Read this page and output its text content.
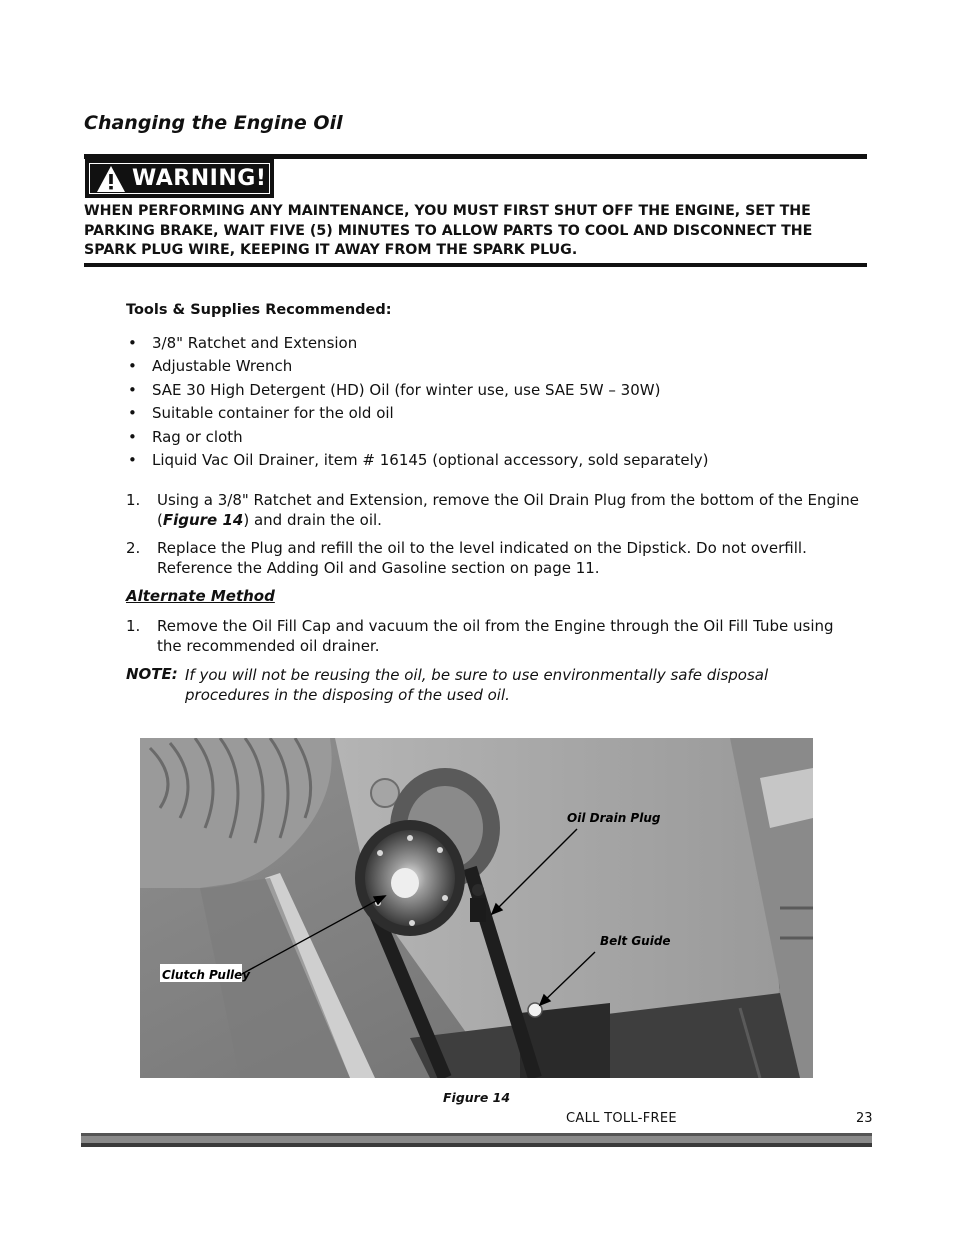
Changing the Engine Oil
WARNING!
WHEN PERFORMING ANY MAINTENANCE, YOU MUST FIRST SHUT OFF THE ENGINE, SET THE PARKING BRAKE, WAIT FIVE (5) MINUTES TO ALLOW PARTS TO COOL AND DISCONNECT THE SPARK PLUG WIRE, KEEPING IT AWAY FROM THE SPARK PLUG.
Tools & Supplies Recommended:
• 3/8" Ratchet and Extension
• Adjustable Wrench
• SAE 30 High Detergent (HD) Oil (for winter use, use SAE 5W – 30W)
• Suitable container for the old oil
• Rag or cloth
• Liquid Vac Oil Drainer, item # 16145 (optional accessory, sold separately)
1. Using a 3/8" Ratchet and Extension, remove the Oil Drain Plug from the bottom of the Engine (Figure 14) and drain the oil.
2. Replace the Plug and refill the oil to the level indicated on the Dipstick. Do not overfill. Reference the Adding Oil and Gasoline section on page 11.
Alternate Method
1. Remove the Oil Fill Cap and vacuum the oil from the Engine through the Oil Fill Tube using the recommended oil drainer.
NOTE: If you will not be reusing the oil, be sure to use environmentally safe disposal procedures in the disposing of the used oil.
Oil Drain Plug
Belt Guide
Clutch Pulley
Figure 14
CALL TOLL-FREE	23
